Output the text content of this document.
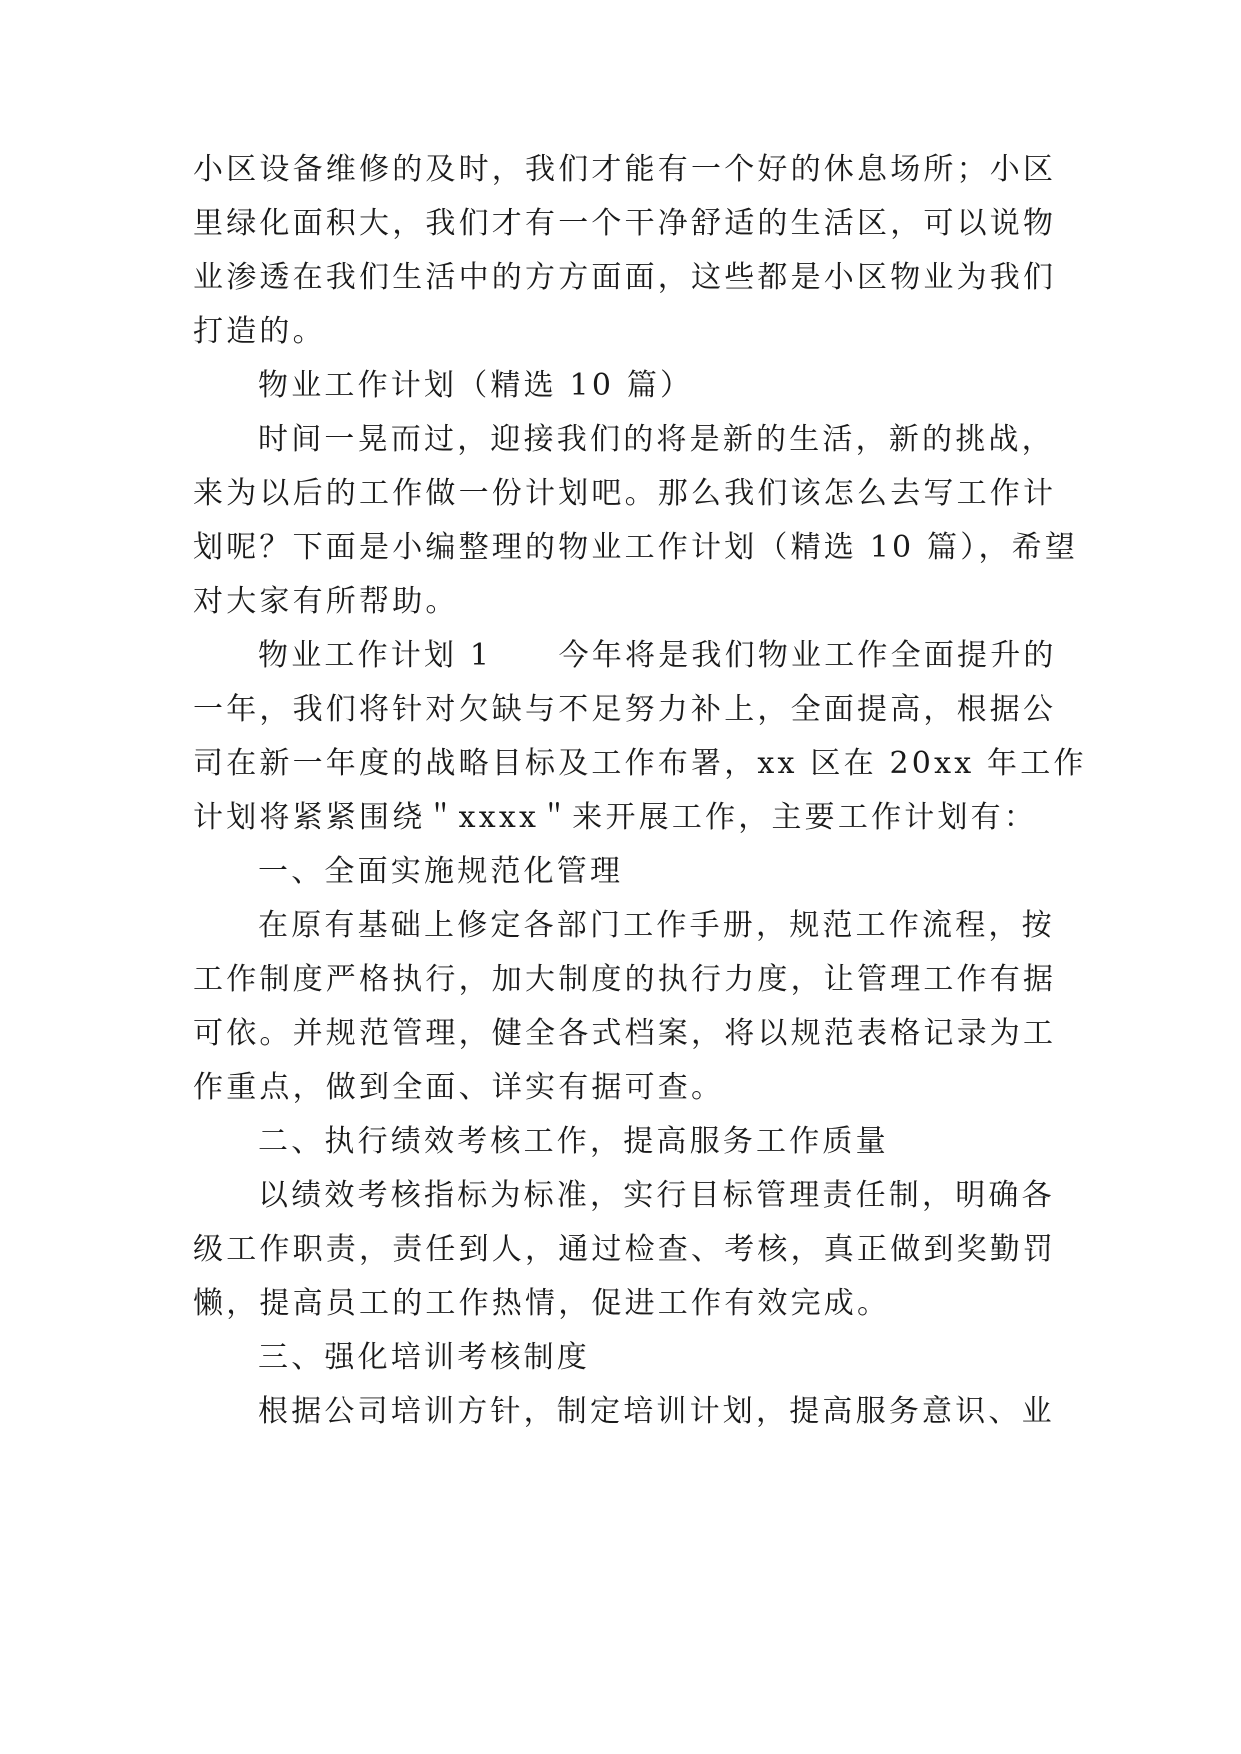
小区设备维修的及时，我们才能有一个好的休息场所；小区
里绿化面积大，我们才有一个干净舒适的生活区，可以说物
业渗透在我们生活中的方方面面，这些都是小区物业为我们
打造的。
物业工作计划（精选 10 篇）
时间一晃而过，迎接我们的将是新的生活，新的挑战，
来为以后的工作做一份计划吧。那么我们该怎么去写工作计
划呢？下面是小编整理的物业工作计划（精选 10 篇），希望
对大家有所帮助。
物业工作计划 1　　今年将是我们物业工作全面提升的
一年，我们将针对欠缺与不足努力补上，全面提高，根据公
司在新一年度的战略目标及工作布署，xx 区在 20xx 年工作
计划将紧紧围绕＂xxxx＂来开展工作，主要工作计划有：
一、全面实施规范化管理
在原有基础上修定各部门工作手册，规范工作流程，按
工作制度严格执行，加大制度的执行力度，让管理工作有据
可依。并规范管理，健全各式档案，将以规范表格记录为工
作重点，做到全面、详实有据可查。
二、执行绩效考核工作，提高服务工作质量
以绩效考核指标为标准，实行目标管理责任制，明确各
级工作职责，责任到人，通过检查、考核，真正做到奖勤罚
懒，提高员工的工作热情，促进工作有效完成。
三、强化培训考核制度
根据公司培训方针，制定培训计划，提高服务意识、业
